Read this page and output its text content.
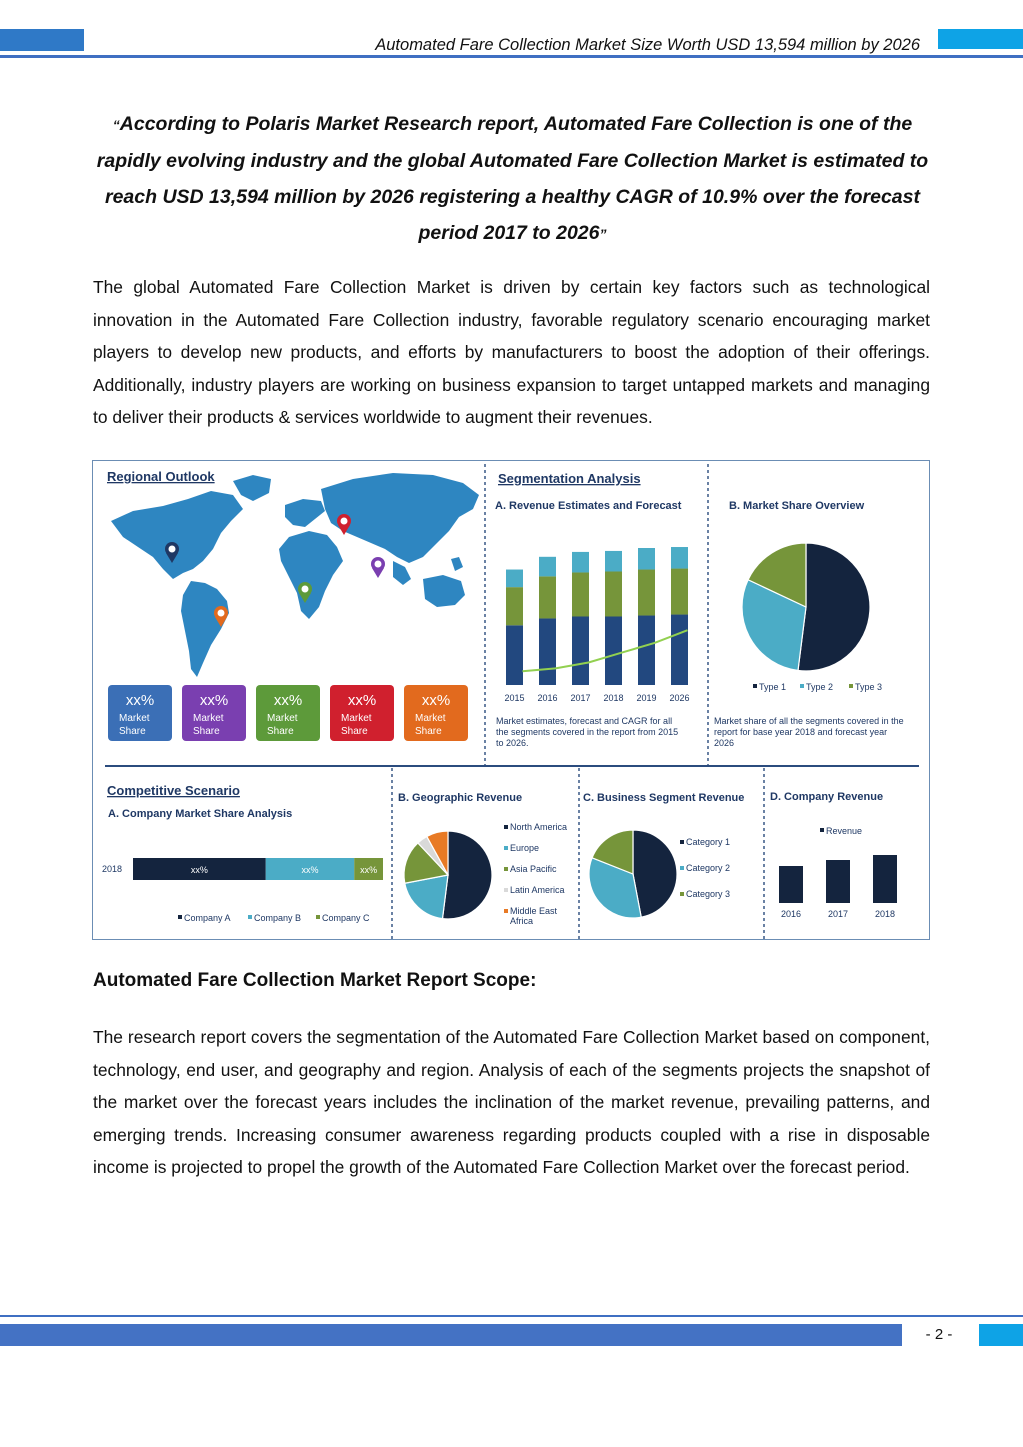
Automated Fare Collection Market Size Worth USD 13,594 million by 2026
“According to Polaris Market Research report, Automated Fare Collection is one of the rapidly evolving industry and the global Automated Fare Collection Market is estimated to reach USD 13,594 million by 2026 registering a healthy CAGR of 10.9% over the forecast period 2017 to 2026”
The global Automated Fare Collection Market is driven by certain key factors such as technological innovation in the Automated Fare Collection industry, favorable regulatory scenario encouraging market players to develop new products, and efforts by manufacturers to boost the adoption of their offerings. Additionally, industry players are working on business expansion to target untapped markets and managing to deliver their products & services worldwide to augment their revenues.
Regional Outlook
xx%
Market
Share
xx%
Market
Share
xx%
Market
Share
xx%
Market
Share
xx%
Market
Share
Segmentation Analysis
A. Revenue Estimates and Forecast
2015 2016 2017 2018 2019 2026
Market estimates, forecast and CAGR for all the segments covered in the report from 2015 to 2026.
B. Market Share Overview
Type 1 Type 2 Type 3
Market share of all the segments covered in the report for base year 2018 and forecast year 2026
Competitive Scenario
A. Company Market Share Analysis
2018	xx%	xx%	xx%
Company A	Company B Company C
B. Geographic Revenue
North America
Europe
Asia Pacific
Latin America
Middle East
Africa
C. Business Segment Revenue
Category 1
Category 2
Category 3
D. Company Revenue
2016	2017	2018
Revenue
Automated Fare Collection Market Report Scope:
The research report covers the segmentation of the Automated Fare Collection Market based on component, technology, end user, and geography and region. Analysis of each of the segments projects the snapshot of the market over the forecast years includes the inclination of the market revenue, prevailing patterns, and emerging trends. Increasing consumer awareness regarding products coupled with a rise in disposable income is projected to propel the growth of the Automated Fare Collection Market over the forecast period.
- 2 -
